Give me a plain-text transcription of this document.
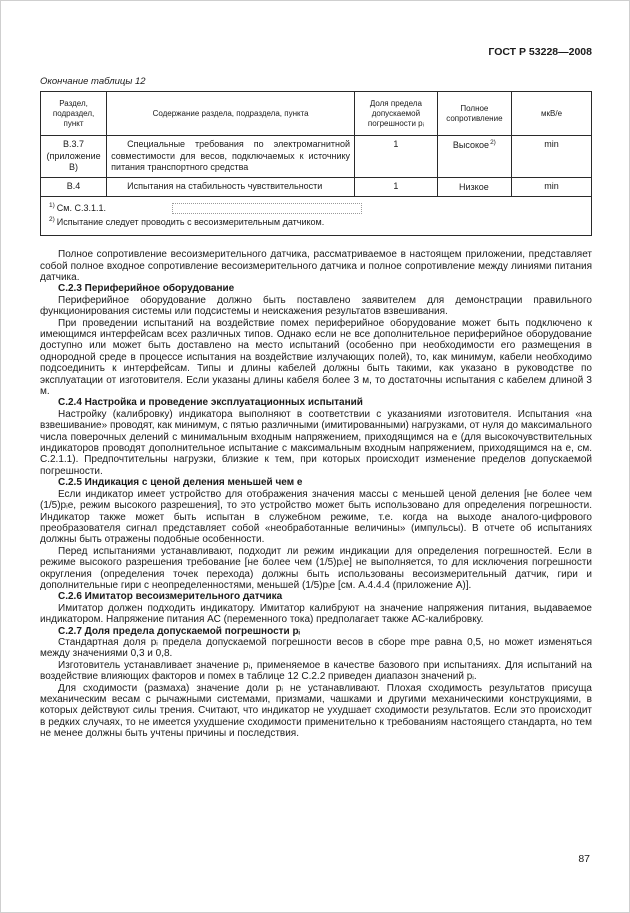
ГОСТ Р 53228—2008
Окончание таблицы 12
Раздел, подраздел, пункт	Содержание раздела, подраздела, пункта	Доля предела допускаемой погрешности рᵢ	Полное сопротивление	мкВ/е
В.3.7 (приложение В)	Специальные требования по электромагнитной совместимости для весов, подключаемых к источнику питания транспортного средства	1	Высокое$^{2)}$	min
В.4	Испытания на стабильность чувствительности	1	Низкое	min

$^{1)}$ См. С.3.1.1.
$^{2)}$ Испытание следует проводить с весоизмерительным датчиком.				

Полное сопротивление весоизмерительного датчика, рассматриваемое в настоящем приложении, представляет собой полное входное сопротивление весоизмерительного датчика и полное сопротивление между линиями питания датчика.

С.2.3 Периферийное оборудование

Периферийное оборудование должно быть поставлено заявителем для демонстрации правильного функционирования системы или подсистемы и неискажения результатов взвешивания.

При проведении испытаний на воздействие помех периферийное оборудование может быть подключено к имеющимся интерфейсам всех различных типов. Однако если не все дополнительное периферийное оборудование доступно или может быть доставлено на место испытаний (особенно при необходимости его размещения в однородной среде в процессе испытания на воздействие излучающих полей), то, как минимум, кабели необходимо подсоединить к интерфейсам. Типы и длины кабелей должны быть такими, как указано в руководстве по эксплуатации от изготовителя. Если указаны длины кабеля более 3 м, то достаточны испытания с кабелем длиной 3 м.

С.2.4 Настройка и проведение эксплуатационных испытаний

Настройку (калибровку) индикатора выполняют в соответствии с указаниями изготовителя. Испытания «на взвешивание» проводят, как минимум, с пятью различными (имитированными) нагрузками, от нуля до максимального числа поверочных делений с минимальным входным напряжением, приходящимся на е (для высокочувствительных индикаторов проводят дополнительное испытание с максимальным входным напряжением, приходящимся на е, см. С.2.1.1). Предпочтительны нагрузки, близкие к тем, при которых происходит изменение пределов допускаемой погрешности.

С.2.5 Индикация с ценой деления меньшей чем е

Если индикатор имеет устройство для отображения значения массы с меньшей ценой деления [не более чем (1/5)рᵢе, режим высокого разрешения], то это устройство может быть использовано для определения погрешности. Индикатор также может быть испытан в служебном режиме, т.е. когда на выходе аналого-цифрового преобразователя сигнал представляет собой «необработанные величины» (импульсы). В отчете об испытаниях должны быть отражены подобные особенности.

Перед испытаниями устанавливают, подходит ли режим индикации для определения погрешностей. Если в режиме высокого разрешения требование [не более чем (1/5)рᵢе] не выполняется, то для исключения погрешности округления (определения точек перехода) должны быть использованы весоизмерительный датчик, гири и дополнительные гири с неопределенностями, меньшей (1/5)рᵢе [см. А.4.4.4 (приложение А)].

С.2.6 Имитатор весоизмерительного датчика

Имитатор должен подходить индикатору. Имитатор калибруют на значение напряжения питания, выдаваемое индикатором. Напряжение питания АС (переменного тока) предполагает также АС-калибровку.

С.2.7 Доля предела допускаемой погрешности рᵢ

Стандартная доля рᵢ предела допускаемой погрешности весов в сборе mpe равна 0,5, но может изменяться между значениями 0,3 и 0,8.

Изготовитель устанавливает значение рᵢ, применяемое в качестве базового при испытаниях. Для испытаний на воздействие влияющих факторов и помех в таблице 12 С.2.2 приведен диапазон значений рᵢ.

Для сходимости (размаха) значение доли рᵢ не устанавливают. Плохая сходимость результатов присуща механическим весам с рычажными системами, призмами, чашками и другими механическими конструкциями, в которых действуют силы трения. Считают, что индикатор не ухудшает сходимости результатов. Если это происходит в редких случаях, то не имеется ухудшение сходимости применительно к требованиям настоящего стандарта, но тем не менее должны быть учтены причины и последствия.

87
